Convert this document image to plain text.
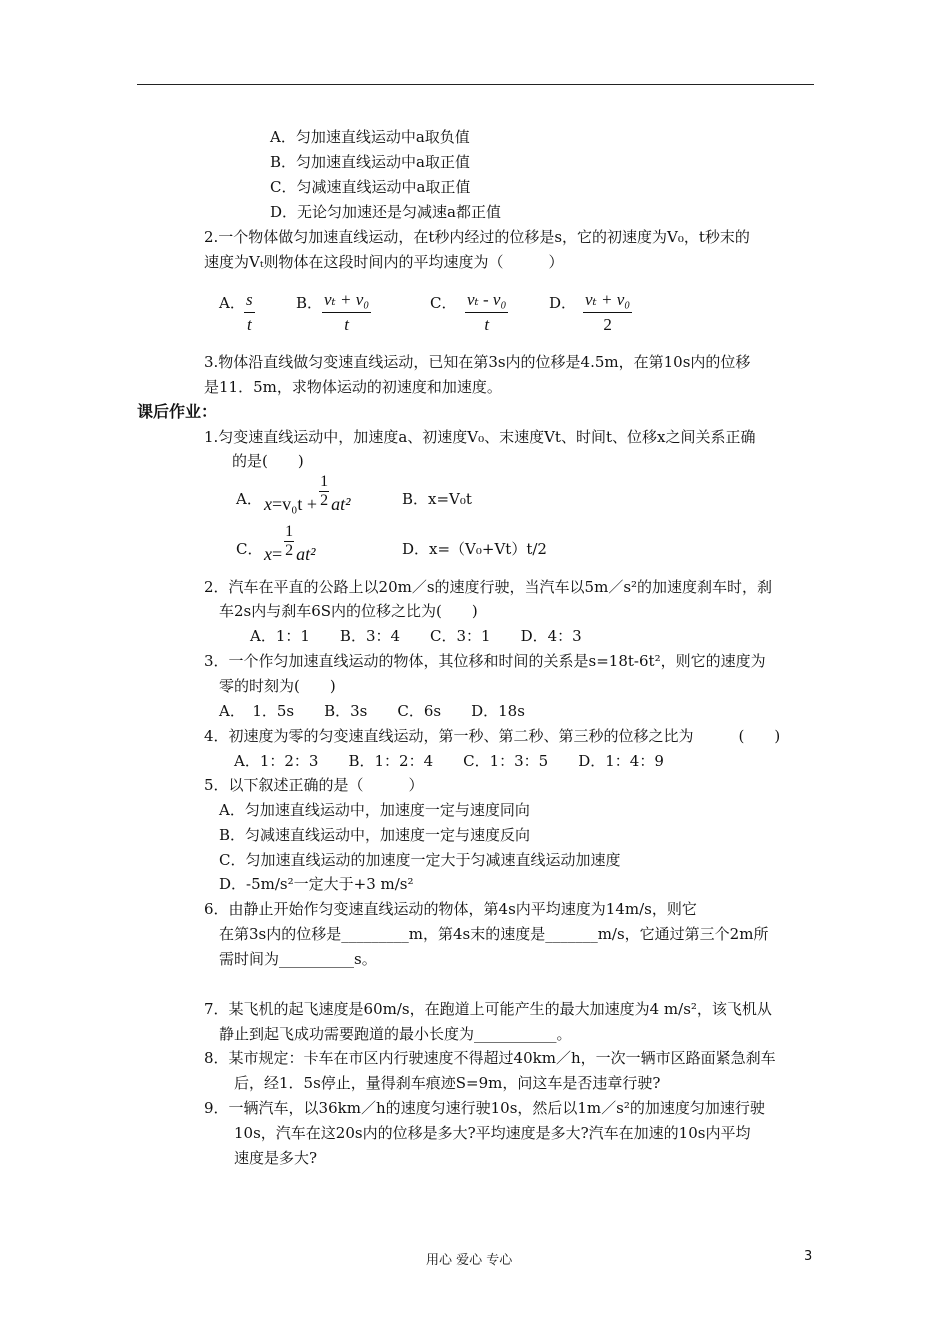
A．匀加速直线运动中a取负值
B．匀加速直线运动中a取正值
C．匀减速直线运动中a取正值
D．无论匀加速还是匀减速a都正值
2.一个物体做匀加速直线运动，在t秒内经过的位移是s，它的初速度为V₀，t秒末的
速度为Vₜ则物体在这段时间内的平均速度为（　　　）
A． $\frac{s}{t}$	B． $\frac{\text{vₜ + v₀}}{t}$	C． $\frac{\text{vₜ - v₀}}{t}$	D． $\frac{\text{vₜ + v₀}}{2}$
3.物体沿直线做匀变速直线运动，已知在第3s内的位移是4.5m，在第10s内的位移
是11．5m，求物体运动的初速度和加速度。
课后作业：
1.匀变速直线运动中，加速度a、初速度V₀、末速度Vt、时间t、位移x之间关系正确
的是(　　)
A． $x=v_0t + \frac{1}{2} at^2$	B．x=V₀t
C． $x= \frac{1}{2} at^2$	D．x=（V₀+Vt）t/2
2．汽车在平直的公路上以20m／s的速度行驶，当汽车以5m／s²的加速度刹车时，刹
车2s内与刹车6S内的位移之比为(　　)
A．1：1　　B．3：4　　C．3：1　　D．4：3
3．一个作匀加速直线运动的物体，其位移和时间的关系是s=18t-6t²，则它的速度为
零的时刻为(　　)
A．　1．5s　　B．3s　　C．6s　　D．18s
4．初速度为零的匀变速直线运动，第一秒、第二秒、第三秒的位移之比为　　　(　　)
A．1：2：3　　B．1：2：4　　C．1：3：5　　D．1：4：9
5．以下叙述正确的是（　　　）
A．匀加速直线运动中，加速度一定与速度同向
B．匀减速直线运动中，加速度一定与速度反向
C．匀加速直线运动的加速度一定大于匀减速直线运动加速度
D．-5m/s²一定大于+3 m/s²
6．由静止开始作匀变速直线运动的物体，第4s内平均速度为14m/s，则它
在第3s内的位移是_________m，第4s末的速度是_______m/s，它通过第三个2m所
需时间为__________s。
7．某飞机的起飞速度是60m/s，在跑道上可能产生的最大加速度为4 m/s²，该飞机从
静止到起飞成功需要跑道的最小长度为___________。
8．某市规定：卡车在市区内行驶速度不得超过40km／h，一次一辆市区路面紧急刹车
后，经1．5s停止，量得刹车痕迹S=9m，问这车是否违章行驶?
9．一辆汽车，以36km／h的速度匀速行驶10s，然后以1m／s²的加速度匀加速行驶
10s，汽车在这20s内的位移是多大?平均速度是多大?汽车在加速的10s内平均
速度是多大?
用心 爱心 专心	3
